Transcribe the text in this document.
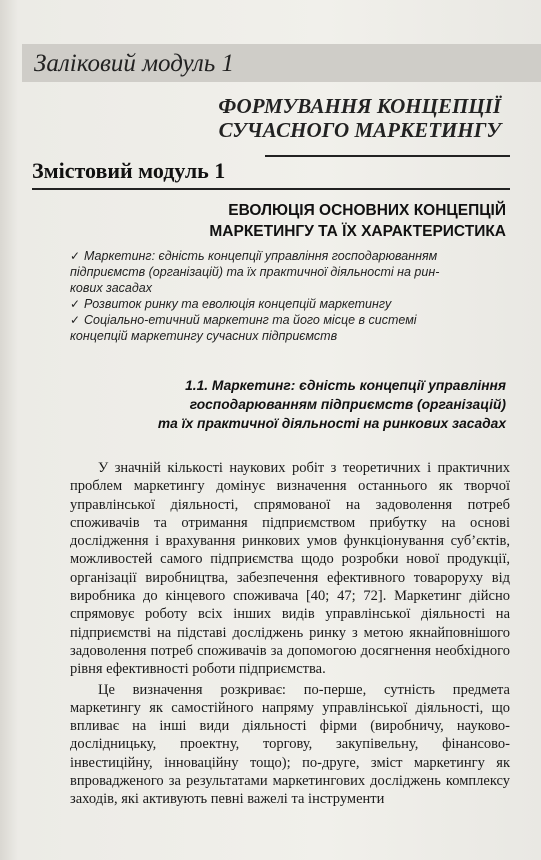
Заліковий модуль 1
ФОРМУВАННЯ КОНЦЕПЦІЇ
СУЧАСНОГО МАРКЕТИНГУ
Змістовий модуль 1
ЕВОЛЮЦІЯ ОСНОВНИХ КОНЦЕПЦІЙ
МАРКЕТИНГУ ТА ЇХ ХАРАКТЕРИСТИКА
✓ Маркетинг: єдність концепції управління господарюванням
підприємств (організацій) та їх практичної діяльності на рин-
кових засадах
✓ Розвиток ринку та еволюція концепцій маркетингу
✓ Соціально-етичний маркетинг та його місце в системі
концепцій маркетингу сучасних підприємств
1.1. Маркетинг: єдність концепції управління
господарюванням підприємств (організацій)
та їх практичної діяльності на ринкових засадах

У значній кількості наукових робіт з теоретичних і практичних проблем маркетингу домінує визначення останнього як творчої управлінської діяльності, спрямованої на задоволення потреб споживачів та отримання підприємством прибутку на основі дослідження і врахування ринкових умов функціонування суб’єктів, можливостей самого підприємства щодо розробки нової продукції, організації виробництва, забезпечення ефективного товароруху від виробника до кінцевого споживача [40; 47; 72]. Маркетинг дійсно спрямовує роботу всіх інших видів управлінської діяльності на підприємстві на підставі досліджень ринку з метою якнайповнішого задоволення потреб споживачів за допомогою досягнення необхідного рівня ефективності роботи підприємства.

Це визначення розкриває: по-перше, сутність предмета маркетингу як самостійного напряму управлінської діяльності, що впливає на інші види діяльності фірми (виробничу, науково-дослідницьку, проектну, торгову, закупівельну, фінансово-інвестиційну, інноваційну тощо); по-друге, зміст маркетингу як впровадженого за результатами маркетингових досліджень комплексу заходів, які активують певні важелі та інструменти
